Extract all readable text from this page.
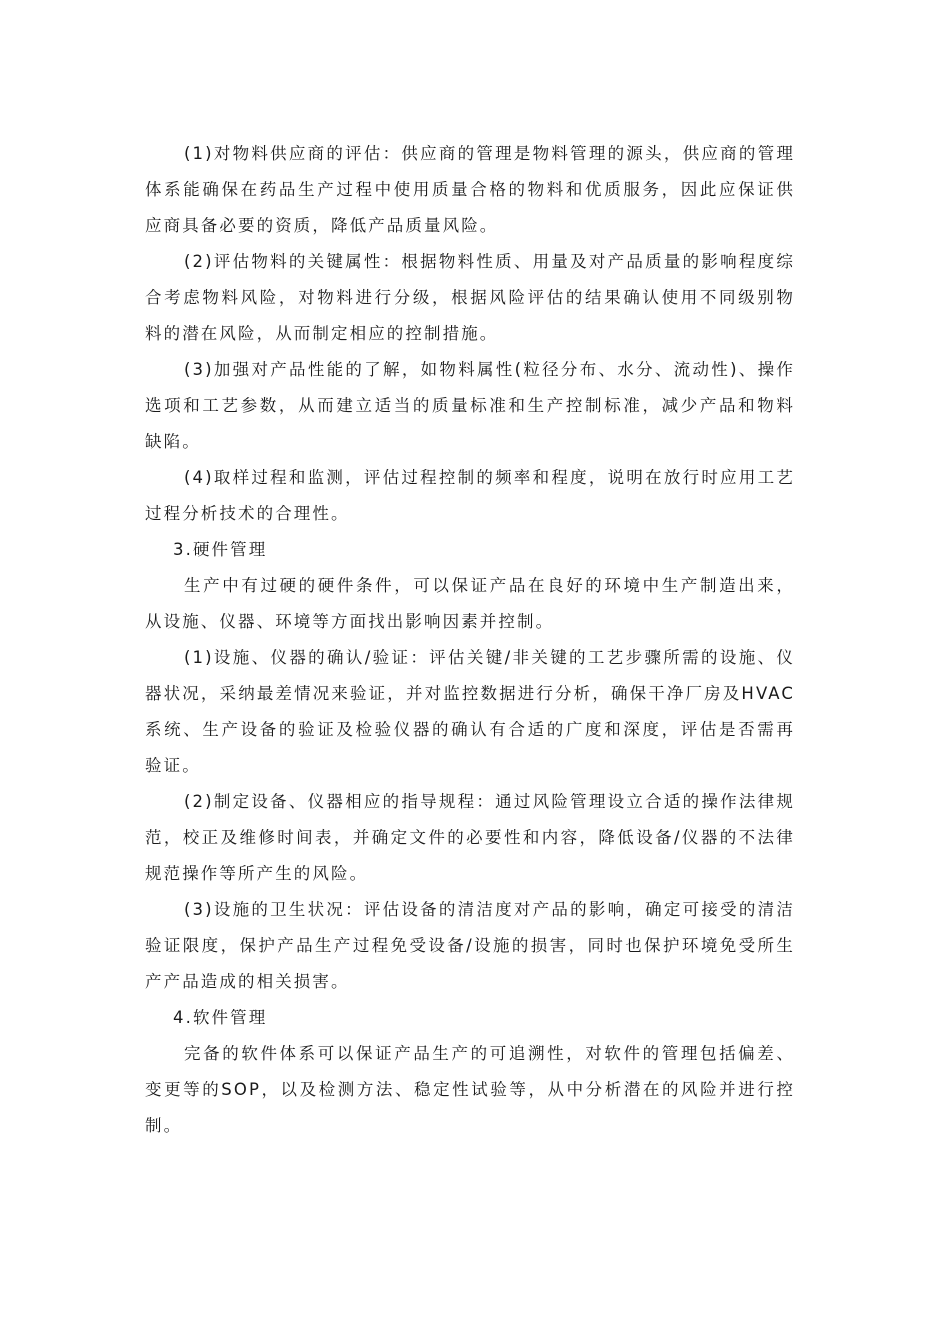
(1)对物料供应商的评估：供应商的管理是物料管理的源头，供应商的管理体系能确保在药品生产过程中使用质量合格的物料和优质服务，因此应保证供应商具备必要的资质，降低产品质量风险。

(2)评估物料的关键属性：根据物料性质、用量及对产品质量的影响程度综合考虑物料风险，对物料进行分级，根据风险评估的结果确认使用不同级别物料的潜在风险，从而制定相应的控制措施。

(3)加强对产品性能的了解，如物料属性(粒径分布、水分、流动性)、操作选项和工艺参数，从而建立适当的质量标准和生产控制标准，减少产品和物料缺陷。

(4)取样过程和监测，评估过程控制的频率和程度，说明在放行时应用工艺过程分析技术的合理性。

3.硬件管理

生产中有过硬的硬件条件，可以保证产品在良好的环境中生产制造出来，从设施、仪器、环境等方面找出影响因素并控制。

(1)设施、仪器的确认/验证：评估关键/非关键的工艺步骤所需的设施、仪器状况，采纳最差情况来验证，并对监控数据进行分析，确保干净厂房及HVAC系统、生产设备的验证及检验仪器的确认有合适的广度和深度，评估是否需再验证。

(2)制定设备、仪器相应的指导规程：通过风险管理设立合适的操作法律规范，校正及维修时间表，并确定文件的必要性和内容，降低设备/仪器的不法律规范操作等所产生的风险。

(3)设施的卫生状况：评估设备的清洁度对产品的影响，确定可接受的清洁验证限度，保护产品生产过程免受设备/设施的损害，同时也保护环境免受所生产产品造成的相关损害。

4.软件管理

完备的软件体系可以保证产品生产的可追溯性，对软件的管理包括偏差、变更等的SOP，以及检测方法、稳定性试验等，从中分析潜在的风险并进行控制。
